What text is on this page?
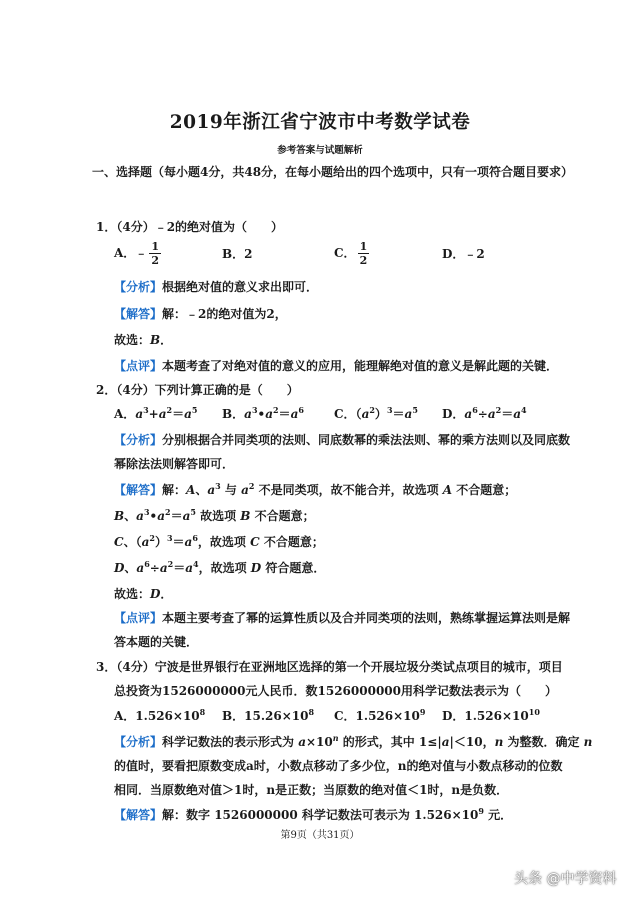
2019年浙江省宁波市中考数学试卷
参考答案与试题解析
一、选择题（每小题4分，共48分，在每小题给出的四个选项中，只有一项符合题目要求）
1．（4分）﹣2的绝对值为（　　）
A．﹣ $\frac{1}{2}$	B．2	C． $\frac{1}{2}$	D．﹣2
【分析】根据绝对值的意义求出即可．
【解答】解：﹣2的绝对值为2，
故选：B．
【点评】本题考查了对绝对值的意义的应用，能理解绝对值的意义是解此题的关键．
2．（4分）下列计算正确的是（　　）
A．$a^3+a^2=a^5$ B．$a^3•a^2=a^6$	C．$(a^2)^3=a^5$ D．$a^6\div a^2=a^4$
【分析】分别根据合并同类项的法则、同底数幂的乘法法则、幂的乘方法则以及同底数
幂除法法则解答即可．
【解答】解：A、$a^3$ 与 $a^2$ 不是同类项，故不能合并，故选项 A 不合题意；
B、$a^3•a^2=a^5$ 故选项 B 不合题意；
C、$(a^2)^3=a^6$，故选项 C 不合题意；
D、$a^6\div a^2=a^4$，故选项 D 符合题意．
故选：D．
【点评】本题主要考查了幂的运算性质以及合并同类项的法则，熟练掌握运算法则是解
答本题的关键．
3．（4分）宁波是世界银行在亚洲地区选择的第一个开展垃圾分类试点项目的城市，项目
总投资为1526000000元人民币．数1526000000用科学记数法表示为（　　）
A．$1.526\times 10^8$ B．$15.26\times 10^8$ C．$1.526\times 10^9$ D．$1.526\times 10^{10}$
【分析】科学记数法的表示形式为 $a\times 10^n$ 的形式，其中 1≤|a|＜10，n 为整数．确定 n
的值时，要看把原数变成a时，小数点移动了多少位，n的绝对值与小数点移动的位数
相同．当原数绝对值＞1时，n是正数；当原数的绝对值＜1时，n是负数．
【解答】解：数字 1526000000 科学记数法可表示为 $1.526\times 10^9$ 元．
第9页（共31页）
头条 @中学资料
